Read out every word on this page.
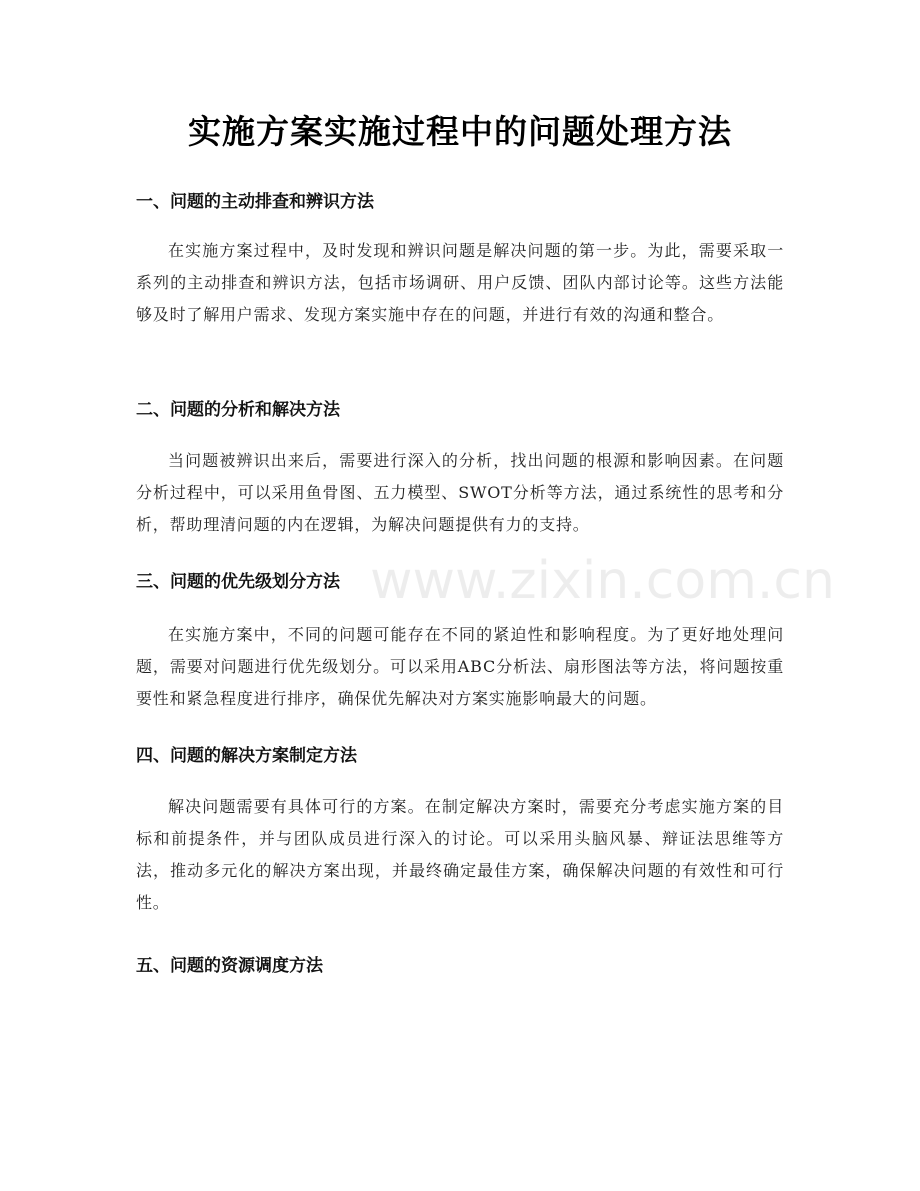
实施方案实施过程中的问题处理方法
www.zixin.com.cn
一、问题的主动排查和辨识方法

在实施方案过程中，及时发现和辨识问题是解决问题的第一步。为此，需要采取一系列的主动排查和辨识方法，包括市场调研、用户反馈、团队内部讨论等。这些方法能够及时了解用户需求、发现方案实施中存在的问题，并进行有效的沟通和整合。

二、问题的分析和解决方法

当问题被辨识出来后，需要进行深入的分析，找出问题的根源和影响因素。在问题分析过程中，可以采用鱼骨图、五力模型、SWOT分析等方法，通过系统性的思考和分析，帮助理清问题的内在逻辑，为解决问题提供有力的支持。

三、问题的优先级划分方法

在实施方案中，不同的问题可能存在不同的紧迫性和影响程度。为了更好地处理问题，需要对问题进行优先级划分。可以采用ABC分析法、扇形图法等方法，将问题按重要性和紧急程度进行排序，确保优先解决对方案实施影响最大的问题。

四、问题的解决方案制定方法

解决问题需要有具体可行的方案。在制定解决方案时，需要充分考虑实施方案的目标和前提条件，并与团队成员进行深入的讨论。可以采用头脑风暴、辩证法思维等方法，推动多元化的解决方案出现，并最终确定最佳方案，确保解决问题的有效性和可行性。

五、问题的资源调度方法
